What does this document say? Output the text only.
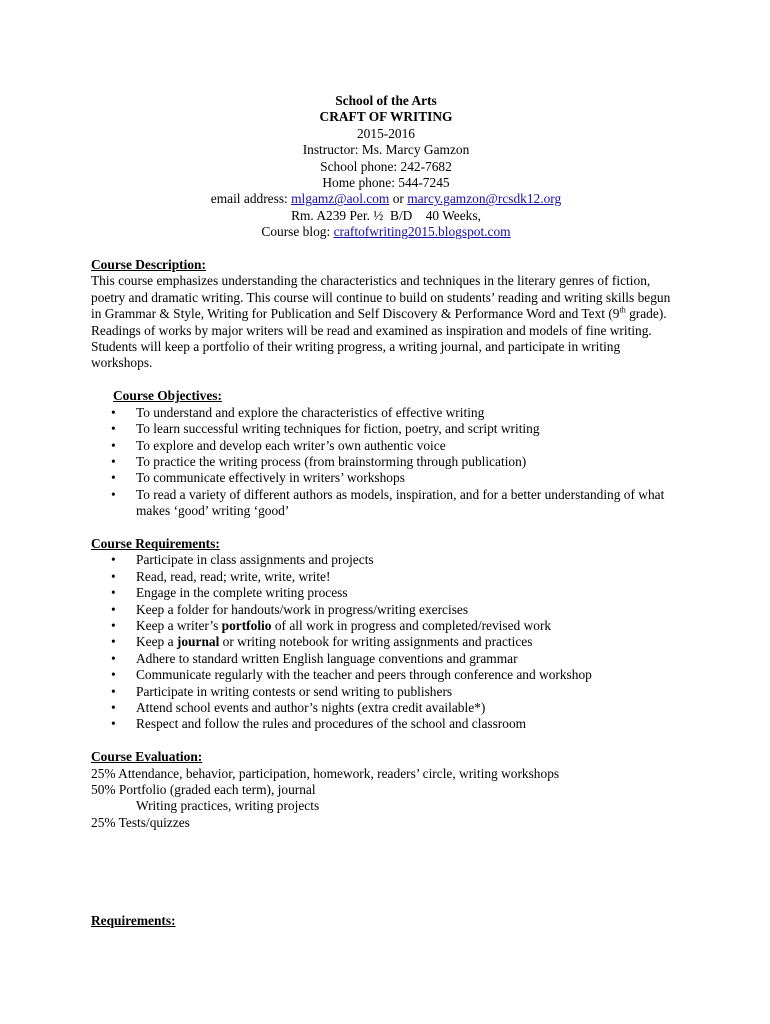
School of the Arts
CRAFT OF WRITING
2015-2016
Instructor: Ms. Marcy Gamzon
School phone: 242-7682
Home phone: 544-7245
email address: mlgamz@aol.com or marcy.gamzon@rcsdk12.org
Rm. A239 Per. ½  B/D    40 Weeks,
Course blog: craftofwriting2015.blogspot.com
Course Description:
This course emphasizes understanding the characteristics and techniques in the literary genres of fiction, poetry and dramatic writing. This course will continue to build on students’ reading and writing skills begun in Grammar & Style, Writing for Publication and Self Discovery & Performance Word and Text (9th grade). Readings of works by major writers will be read and examined as inspiration and models of fine writing. Students will keep a portfolio of their writing progress, a writing journal, and participate in writing workshops.
Course Objectives:
• To understand and explore the characteristics of effective writing
• To learn successful writing techniques for fiction, poetry, and script writing
• To explore and develop each writer’s own authentic voice
• To practice the writing process (from brainstorming through publication)
• To communicate effectively in writers’ workshops
• To read a variety of different authors as models, inspiration, and for a better understanding of what makes ‘good’ writing ‘good’
Course Requirements:
• Participate in class assignments and projects
• Read, read, read; write, write, write!
• Engage in the complete writing process
• Keep a folder for handouts/work in progress/writing exercises
• Keep a writer’s portfolio of all work in progress and completed/revised work
• Keep a journal or writing notebook for writing assignments and practices
• Adhere to standard written English language conventions and grammar
• Communicate regularly with the teacher and peers through conference and workshop
• Participate in writing contests or send writing to publishers
• Attend school events and author’s nights (extra credit available*)
• Respect and follow the rules and procedures of the school and classroom
Course Evaluation:
25% Attendance, behavior, participation, homework, readers’ circle, writing workshops
50% Portfolio (graded each term), journal
Writing practices, writing projects
25% Tests/quizzes
Requirements:
